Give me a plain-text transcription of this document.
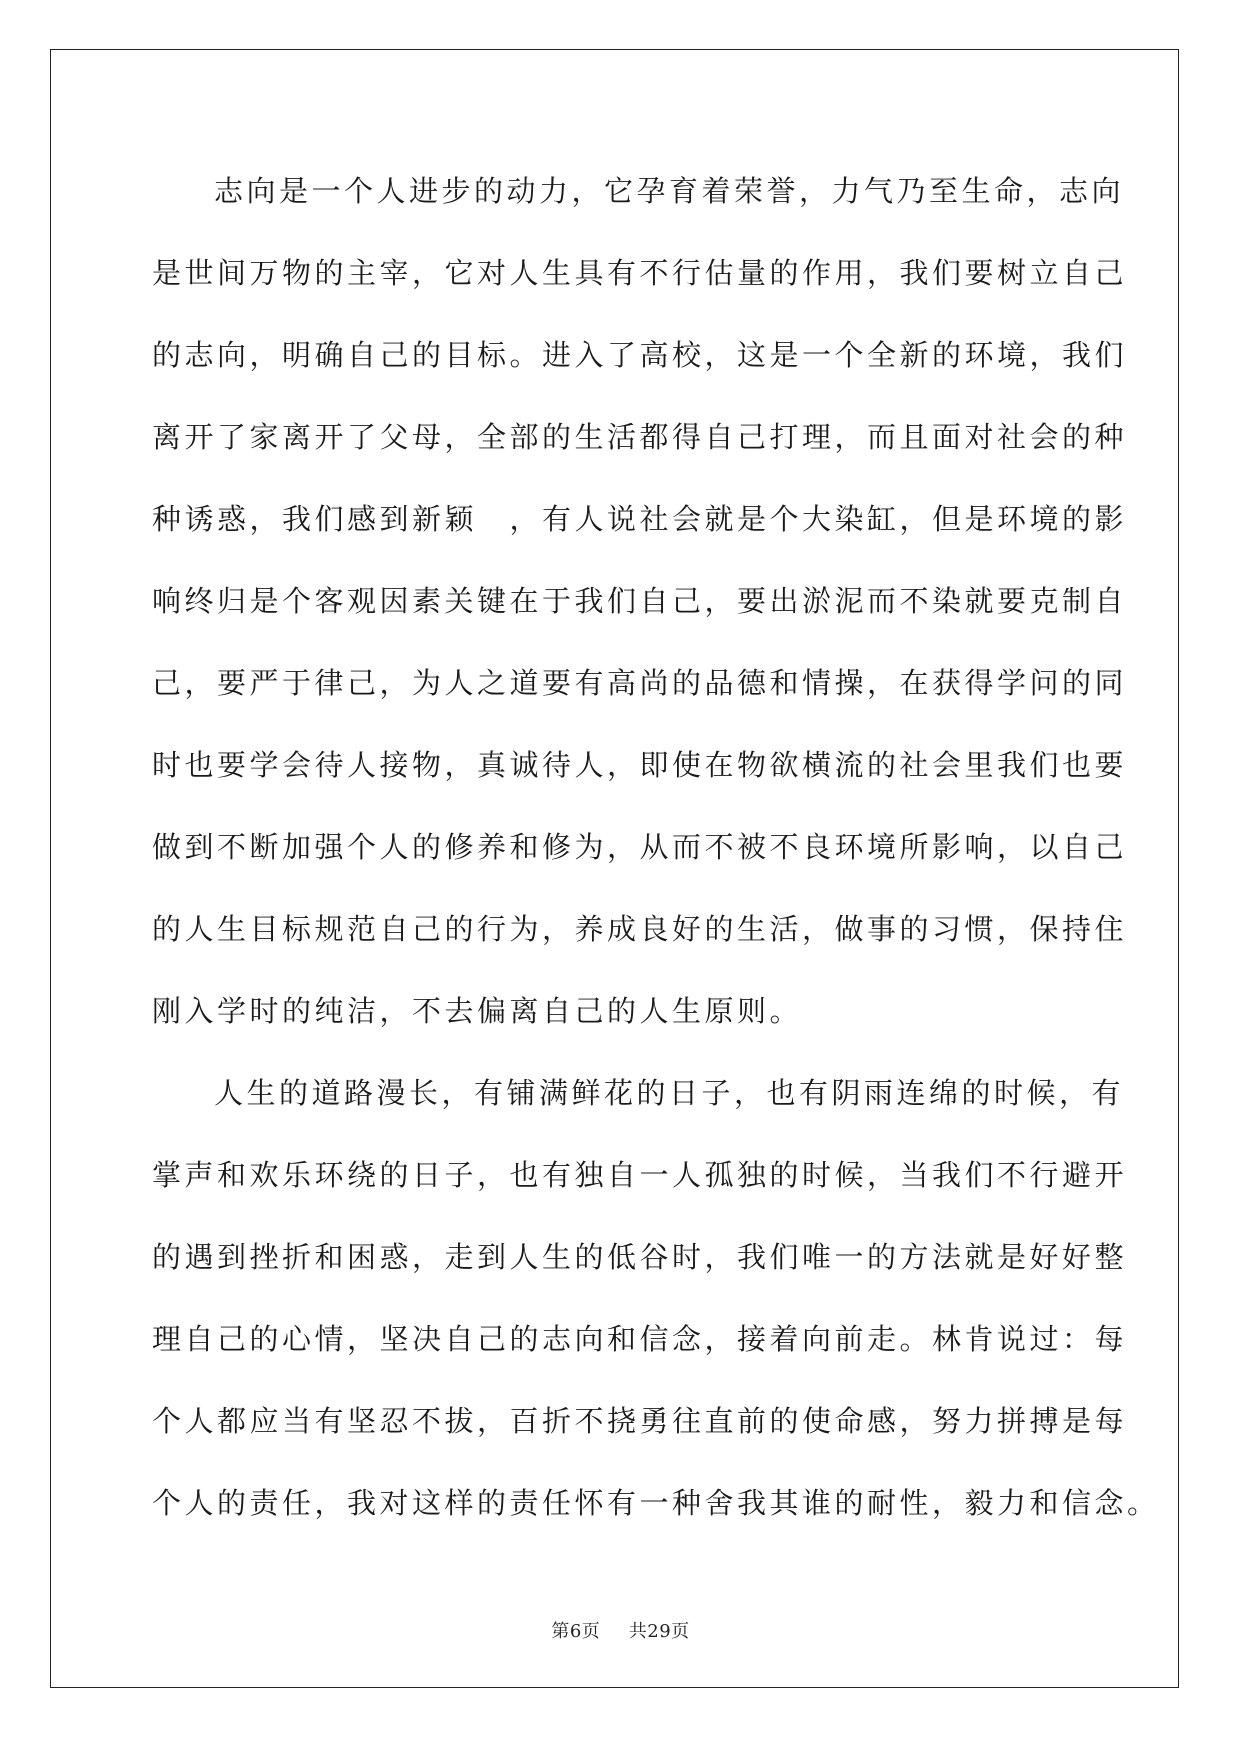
志向是一个人进步的动力，它孕育着荣誉，力气乃至生命，志向
是世间万物的主宰，它对人生具有不行估量的作用，我们要树立自己
的志向，明确自己的目标。进入了高校，这是一个全新的环境，我们
离开了家离开了父母，全部的生活都得自己打理，而且面对社会的种
种诱惑，我们感到新颖　，有人说社会就是个大染缸，但是环境的影
响终归是个客观因素关键在于我们自己，要出淤泥而不染就要克制自
己，要严于律己，为人之道要有高尚的品德和情操，在获得学问的同
时也要学会待人接物，真诚待人，即使在物欲横流的社会里我们也要
做到不断加强个人的修养和修为，从而不被不良环境所影响，以自己
的人生目标规范自己的行为，养成良好的生活，做事的习惯，保持住
刚入学时的纯洁，不去偏离自己的人生原则。
人生的道路漫长，有铺满鲜花的日子，也有阴雨连绵的时候，有
掌声和欢乐环绕的日子，也有独自一人孤独的时候，当我们不行避开
的遇到挫折和困惑，走到人生的低谷时，我们唯一的方法就是好好整
理自己的心情，坚决自己的志向和信念，接着向前走。林肯说过：每
个人都应当有坚忍不拔，百折不挠勇往直前的使命感，努力拼搏是每
个人的责任，我对这样的责任怀有一种舍我其谁的耐性，毅力和信念。
第6页 共29页
